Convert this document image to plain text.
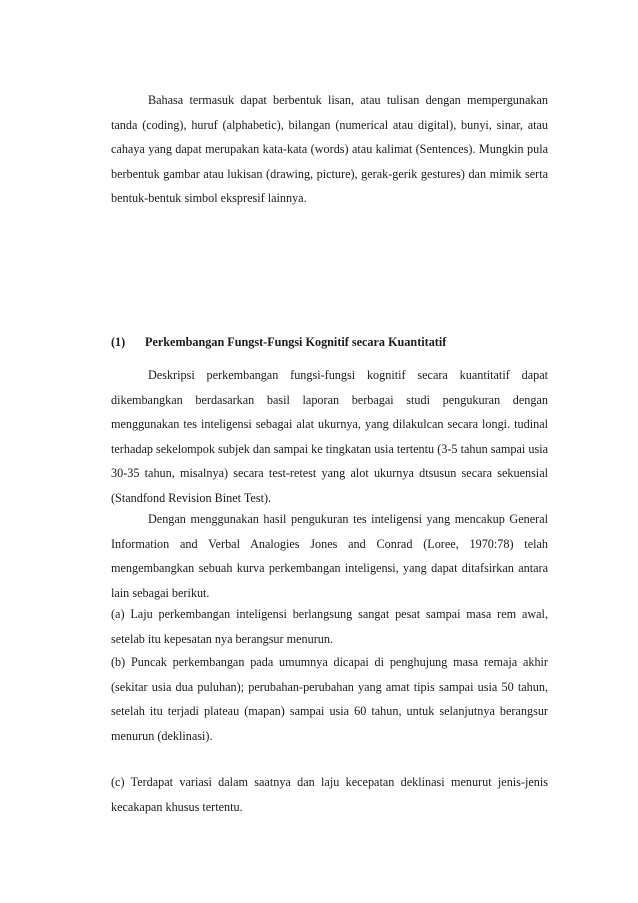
Bahasa termasuk dapat berbentuk lisan, atau tulisan dengan mempergunakan tanda (coding), huruf (alphabetic), bilangan (numerical atau digital), bunyi, sinar, atau cahaya yang dapat merupakan kata-kata (words) atau kalimat (Sentences). Mungkin pula berbentuk gambar atau lukisan (drawing, picture), gerak-gerik gestures) dan mimik serta bentuk-bentuk simbol ekspresif lainnya.

(1) Perkembangan Fungst-Fungsi Kognitif secara Kuantitatif

Deskripsi perkembangan fungsi-fungsi kognitif secara kuantitatif dapat dikembangkan berdasarkan basil laporan berbagai studi pengukuran dengan menggunakan tes inteligensi sebagai alat ukurnya, yang dilakulcan secara longi. tudinal terhadap sekelompok subjek dan sampai ke tingkatan usia tertentu (3-5 tahun sampai usia 30-35 tahun, misalnya) secara test-retest yang alot ukurnya dtsusun secara sekuensial (Standfond Revision Binet Test).

Dengan menggunakan hasil pengukuran tes inteligensi yang mencakup General Information and Verbal Analogies Jones and Conrad (Loree, 1970:78) telah mengembangkan sebuah kurva perkembangan inteligensi, yang dapat ditafsirkan antara lain sebagai berikut.

(a) Laju perkembangan inteligensi berlangsung sangat pesat sampai masa rem awal, setelab itu kepesatan nya berangsur menurun.

(b) Puncak perkembangan pada umumnya dicapai di penghujung masa remaja akhir (sekitar usia dua puluhan); perubahan-perubahan yang amat tipis sampai usia 50 tahun, setelah itu terjadi plateau (mapan) sampai usia 60 tahun, untuk selanjutnya berangsur menurun (deklinasi).

(c) Terdapat variasi dalam saatnya dan laju kecepatan deklinasi menurut jenis-jenis kecakapan khusus tertentu.
